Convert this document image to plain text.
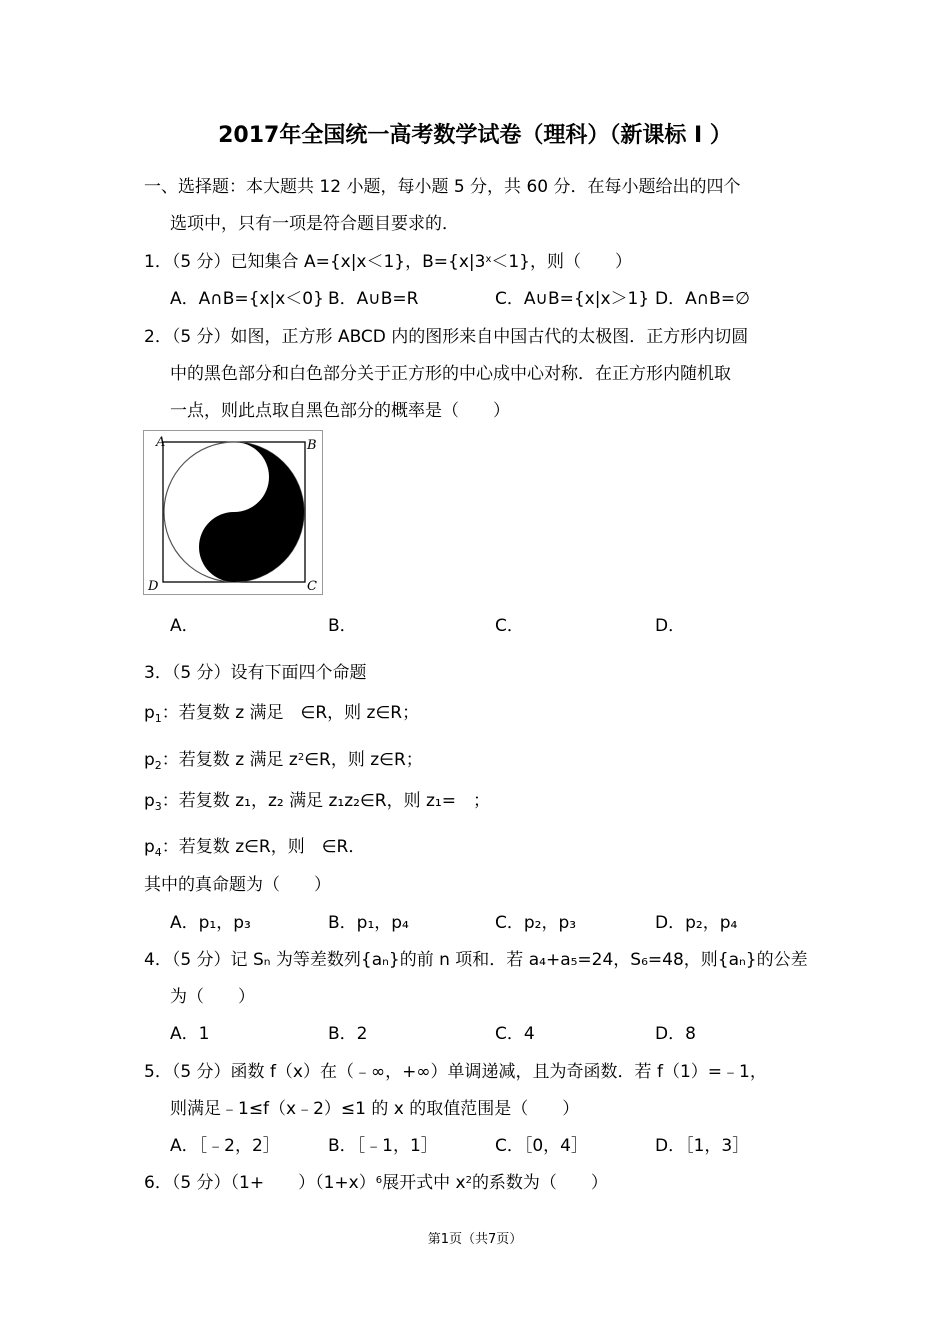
2017年全国统一高考数学试卷（理科）（新课标 Ⅰ ）
一、选择题：本大题共 12 小题，每小题 5 分，共 60 分．在每小题给出的四个
选项中，只有一项是符合题目要求的．
1．（5 分）已知集合 A={x|x＜1}，$B=\{x|3^x<1\}$，则（　　）
A．A∩B={x|x＜0} B．A∪B=R	C．A∪B={x|x＞1} D．A∩B=∅
2．（5 分）如图，正方形 ABCD 内的图形来自中国古代的太极图．正方形内切圆
中的黑色部分和白色部分关于正方形的中心成中心对称．在正方形内随机取
一点，则此点取自黑色部分的概率是（　　）
A	B
C
D
A．	B．	C．	D．
3．（5 分）设有下面四个命题
$p_1$：若复数 z 满足　∈R，则 z∈R；
$p_2$：若复数 z 满足 $z^2\in R$，则 z∈R；
$p_3$：若复数 z₁，z₂ 满足 z₁z₂∈R，则 z₁=　；
$p_4$：若复数 z∈R，则　∈R．
其中的真命题为（　　）
A．p₁，p₃	B．p₁，p₄	C．p₂，p₃	D．p₂，p₄
4．（5 分）记 Sₙ 为等差数列{aₙ}的前 n 项和．若 a₄+a₅=24，S₆=48，则{aₙ}的公差
为（　　）
A．1	B．2	C．4	D．8
5．（5 分）函数 f（x）在（﹣∞，+∞）单调递减，且为奇函数．若 f（1）=﹣1，
则满足﹣1≤f（x﹣2）≤1 的 x 的取值范围是（　　）
A．［﹣2，2］	B．［﹣1，1］	C．［0，4］	D．［1，3］
6．（5 分）（1+　　）$(1+x)^6$展开式中 $x^2$的系数为（　　）
第1页（共7页）
